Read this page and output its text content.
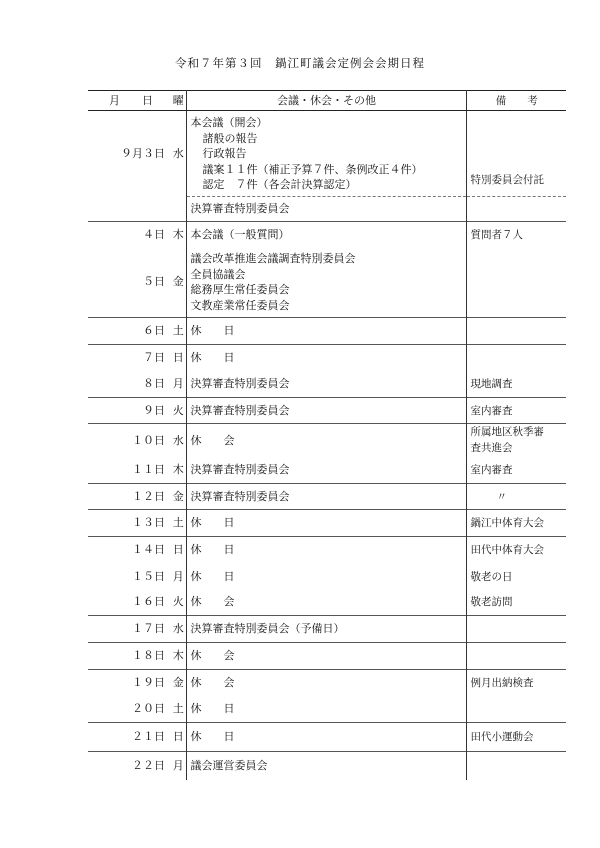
令和７年第３回　鍋江町議会定例会会期日程
月　　日	曜	会議・休会・その他	備　　考
９月３日	水	本会議（開会）
諸般の報告
行政報告
議案１１件（補正予算７件、条例改正４件）
認定　７件（各会計決算認定）	特別委員会付託
		決算審査特別委員会	
４日	木	本会議（一般質問）	質問者７人
５日	金	議会改革推進会議調査特別委員会
全員協議会
総務厚生常任委員会
文教産業常任委員会	

６日	土	休　　日	
７日	日	休　　日	
８日	月	決算審査特別委員会	現地調査
９日	火	決算審査特別委員会	室内審査
１０日	水	休　　会	所属地区秋季審
査共進会

１１日	木	決算審査特別委員会	室内審査
１２日	金	決算審査特別委員会	〃
１３日	土	休　　日	鍋江中体育大会
１４日	日	休　　日	田代中体育大会
１５日	月	休　　日	敬老の日
１６日	火	休　　会	敬老訪問
１７日	水	決算審査特別委員会（予備日）	
１８日	木	休　　会	
１９日	金	休　　会	例月出納検査
２０日	土	休　　日	
２１日	日	休　　日	田代小運動会
２２日	月	議会運営委員会	
